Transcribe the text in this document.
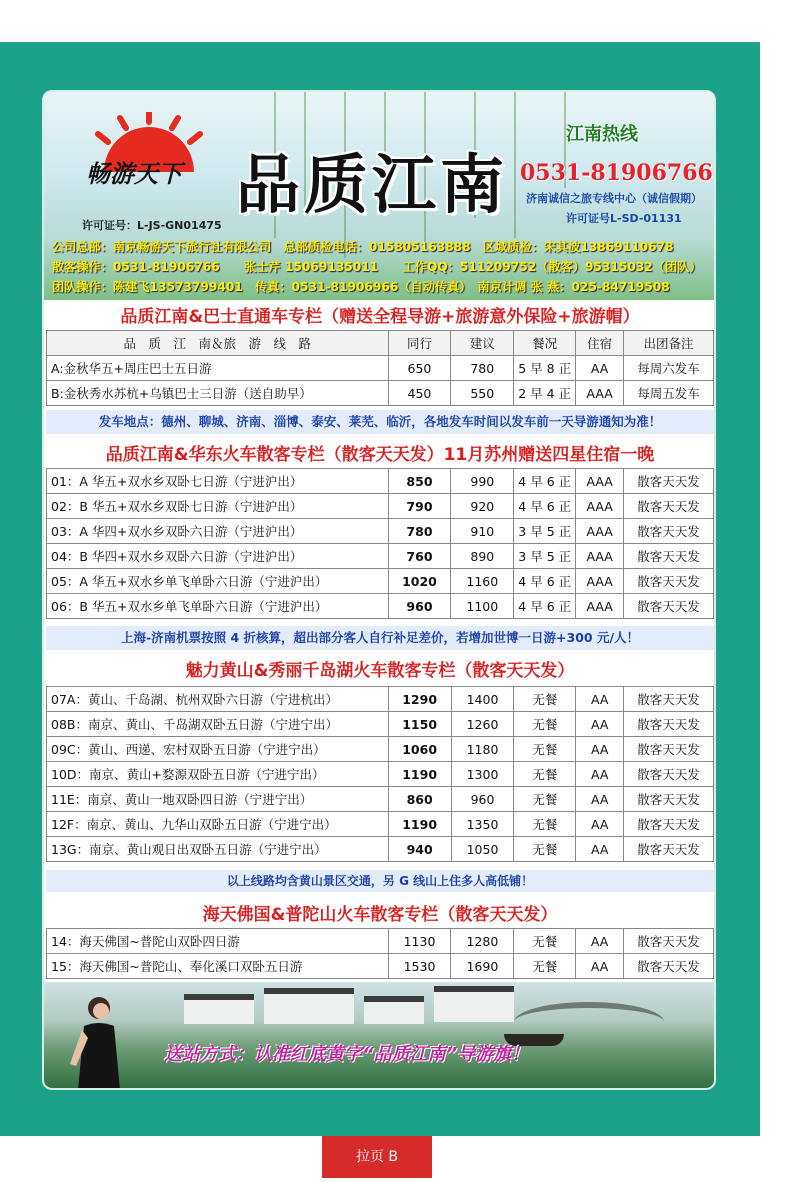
畅游天下
许可证号：L-JS-GN01475
品质江南
江南热线
0531-81906766
济南诚信之旅专线中心（诚信假期）
许可证号L-SD-01131
公司总部：南京畅游天下旅行社有限公司　总部质检电话：015805163888　区域质检：宋其波13869110678
散客操作：0531-81906766　　张士芹 15069135011　　工作QQ：511209752（散客）95315032（团队）
团队操作：陈建飞13573799401　传真：0531-81906966（自动传真）　南京计调 张 燕：025-84719508
品质江南&巴士直通车专栏（赠送全程导游+旅游意外保险+旅游帽）
品　质　江　南＆旅　游　线　路	同行	建议	餐况	住宿	出团备注
A:金秋华五+周庄巴士五日游	650	780	5 早 8 正	AA	每周六发车
B:金秋秀水苏杭+乌镇巴士三日游（送自助早）	450	550	2 早 4 正	AAA	每周五发车
发车地点：德州、聊城、济南、淄博、泰安、莱芜、临沂，各地发车时间以发车前一天导游通知为准！
品质江南&华东火车散客专栏（散客天天发）11月苏州赠送四星住宿一晚
01：A 华五+双水乡双卧七日游（宁进沪出）	850	990	4 早 6 正	AAA	散客天天发
02：B 华五+双水乡双卧七日游（宁进沪出）	790	920	4 早 6 正	AAA	散客天天发
03：A 华四+双水乡双卧六日游（宁进沪出）	780	910	3 早 5 正	AAA	散客天天发
04：B 华四+双水乡双卧六日游（宁进沪出）	760	890	3 早 5 正	AAA	散客天天发
05：A 华五+双水乡单飞单卧六日游（宁进沪出）	1020	1160	4 早 6 正	AAA	散客天天发
06：B 华五+双水乡单飞单卧六日游（宁进沪出）	960	1100	4 早 6 正	AAA	散客天天发
上海-济南机票按照 4 折核算，超出部分客人自行补足差价，若增加世博一日游+300 元/人！
魅力黄山&秀丽千岛湖火车散客专栏（散客天天发）
07A：黄山、千岛湖、杭州双卧六日游（宁进杭出）	1290	1400	无餐	AA	散客天天发
08B：南京、黄山、千岛湖双卧五日游（宁进宁出）	1150	1260	无餐	AA	散客天天发
09C：黄山、西递、宏村双卧五日游（宁进宁出）	1060	1180	无餐	AA	散客天天发
10D：南京、黄山+婺源双卧五日游（宁进宁出）	1190	1300	无餐	AA	散客天天发
11E：南京、黄山一地双卧四日游（宁进宁出）	860	960	无餐	AA	散客天天发
12F：南京、黄山、九华山双卧五日游（宁进宁出）	1190	1350	无餐	AA	散客天天发
13G：南京、黄山观日出双卧五日游（宁进宁出）	940	1050	无餐	AA	散客天天发
以上线路均含黄山景区交通，另 G 线山上住多人高低铺！
海天佛国&普陀山火车散客专栏（散客天天发）
14：海天佛国~普陀山双卧四日游	1130	1280	无餐	AA	散客天天发
15：海天佛国~普陀山、奉化溪口双卧五日游	1530	1690	无餐	AA	散客天天发
送站方式：认准红底黄字“品质江南”导游旗！
拉页 B
